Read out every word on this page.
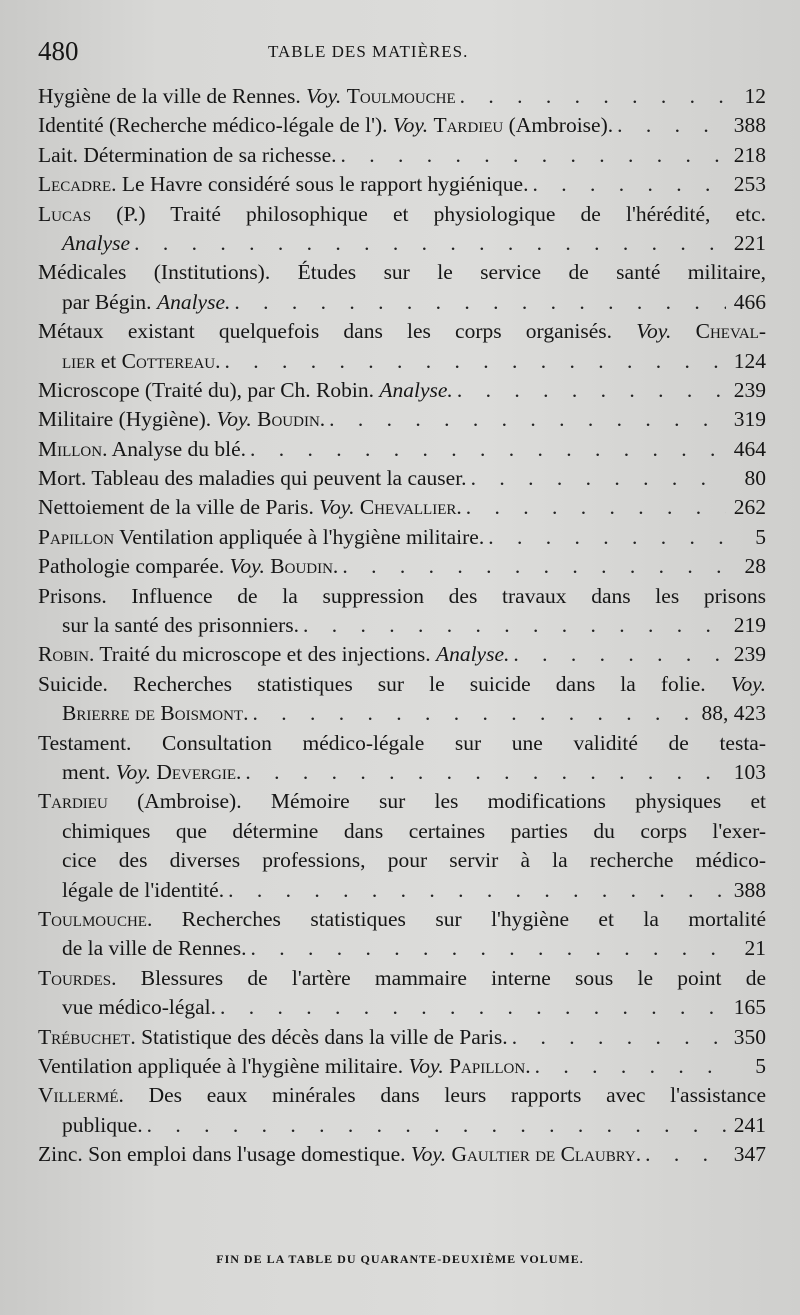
480	TABLE DES MATIÈRES.
Hygiène de la ville de Rennes. Voy. Toulmouche . . .	12
Identité (Recherche médico-légale de l'). Voy. Tardieu (Ambroise). . . .	388
Lait. Détermination de sa richesse. . . .	218
Lecadre. Le Havre considéré sous le rapport hygiénique. . . .	253
Lucas (P.) Traité philosophique et physiologique de l'hérédité, etc.
Analyse . . .	221
Médicales (Institutions). Études sur le service de santé militaire,
par Bégin. Analyse. . . .	466
Métaux existant quelquefois dans les corps organisés. Voy. Cheval-
lier et Cottereau. . . .	124
Microscope (Traité du), par Ch. Robin. Analyse. . . .	239
Militaire (Hygiène). Voy. Boudin. . . .	319
Millon. Analyse du blé. . . .	464
Mort. Tableau des maladies qui peuvent la causer. . . .	80
Nettoiement de la ville de Paris. Voy. Chevallier. . . .	262
Papillon Ventilation appliquée à l'hygiène militaire. . . .	5
Pathologie comparée. Voy. Boudin. . . .	28
Prisons. Influence de la suppression des travaux dans les prisons
sur la santé des prisonniers. . . .	219
Robin. Traité du microscope et des injections. Analyse. . . .	239
Suicide. Recherches statistiques sur le suicide dans la folie. Voy.
Brierre de Boismont. . . .	88, 423
Testament. Consultation médico-légale sur une validité de testa-
ment. Voy. Devergie. . . .	103
Tardieu (Ambroise). Mémoire sur les modifications physiques et
chimiques que détermine dans certaines parties du corps l'exer-
cice des diverses professions, pour servir à la recherche médico-
légale de l'identité. . . .	388
Toulmouche. Recherches statistiques sur l'hygiène et la mortalité
de la ville de Rennes. . . .	21
Tourdes. Blessures de l'artère mammaire interne sous le point de
vue médico-légal. . . .	165
Trébuchet. Statistique des décès dans la ville de Paris. . . .	350
Ventilation appliquée à l'hygiène militaire. Voy. Papillon. . . .	5
Villermé. Des eaux minérales dans leurs rapports avec l'assistance
publique. . . .	241
Zinc. Son emploi dans l'usage domestique. Voy. Gaultier de Claubry. . . .	347
FIN DE LA TABLE DU QUARANTE-DEUXIÈME VOLUME.
